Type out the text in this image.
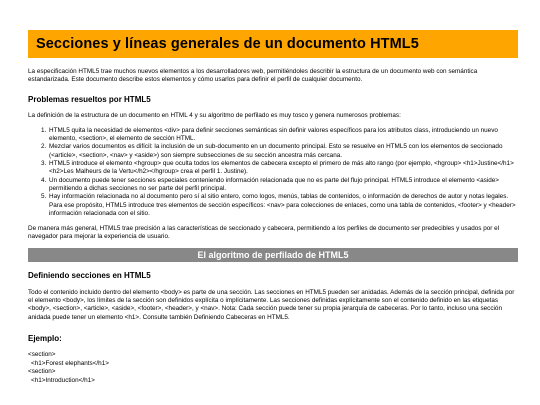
Secciones y líneas generales de un documento HTML5

La especificación HTML5 trae muchos nuevos elementos a los desarrolladores web, permitiéndoles describir la estructura de un documento web con semántica estandarizada. Este documento describe estos elementos y cómo usarlos para definir el perfil de cualquier documento.

Problemas resueltos por HTML5

La definición de la estructura de un documento en HTML 4 y su algoritmo de perfilado es muy tosco y genera numerosos problemas:

1. HTML5 quita la necesidad de elementos <div> para definir secciones semánticas sin definir valores específicos para los atributos class, introduciendo un nuevo elemento, <section>, el elemento de sección HTML.
2. Mezclar varios documentos es difícil: la inclusión de un sub-documento en un documento principal. Esto se resuelve en HTML5 con los elementos de seccionado (<article>, <section>, <nav> y <aside>) son siempre subsecciones de su sección ancestra más cercana.
3. HTML5 introduce el elemento <hgroup> que oculta todos los elementos de cabecera excepto el primero de más alto rango (por ejemplo, <hgroup> <h1>Justine</h1><h2>Les Malheurs de la Vertu</h2></hgroup> crea el perfil 1. Justine).
4. Un documento puede tener secciones especiales conteniendo información relacionada que no es parte del flujo principal. HTML5 introduce el elemento <aside> permitiendo a dichas secciones no ser parte del perfil principal.
5. Hay información relacionada no al documento pero sí al sitio entero, como logos, menús, tablas de contenidos, o información de derechos de autor y notas legales. Para ese propósito, HTML5 introduce tres elementos de sección específicos: <nav> para colecciones de enlaces, como una tabla de contenidos, <footer> y <header> información relacionada con el sitio.

De manera más general, HTML5 trae precisión a las características de seccionado y cabecera, permitiendo a los perfiles de documento ser predecibles y usados por el navegador para mejorar la experiencia de usuario.

El algoritmo de perfilado de HTML5
Definiendo secciones en HTML5

Todo el contenido incluido dentro del elemento <body> es parte de una sección. Las secciones en HTML5 pueden ser anidadas. Además de la sección principal, definida por el elemento <body>, los límites de la sección son definidos explícita o implícitamente. Las secciones definidas explícitamente son el contenido definido en las etiquetas <body>, <section>, <article>, <aside>, <footer>, <header>, y <nav>. Nota: Cada sección puede tener su propia jerarquía de cabeceras. Por lo tanto, incluso una sección anidada puede tener un elemento <h1>. Consulte también Definiendo Cabeceras en HTML5.

Ejemplo:
<section>
<h1>Forest elephants</h1>
<section>
<h1>Introduction</h1>
